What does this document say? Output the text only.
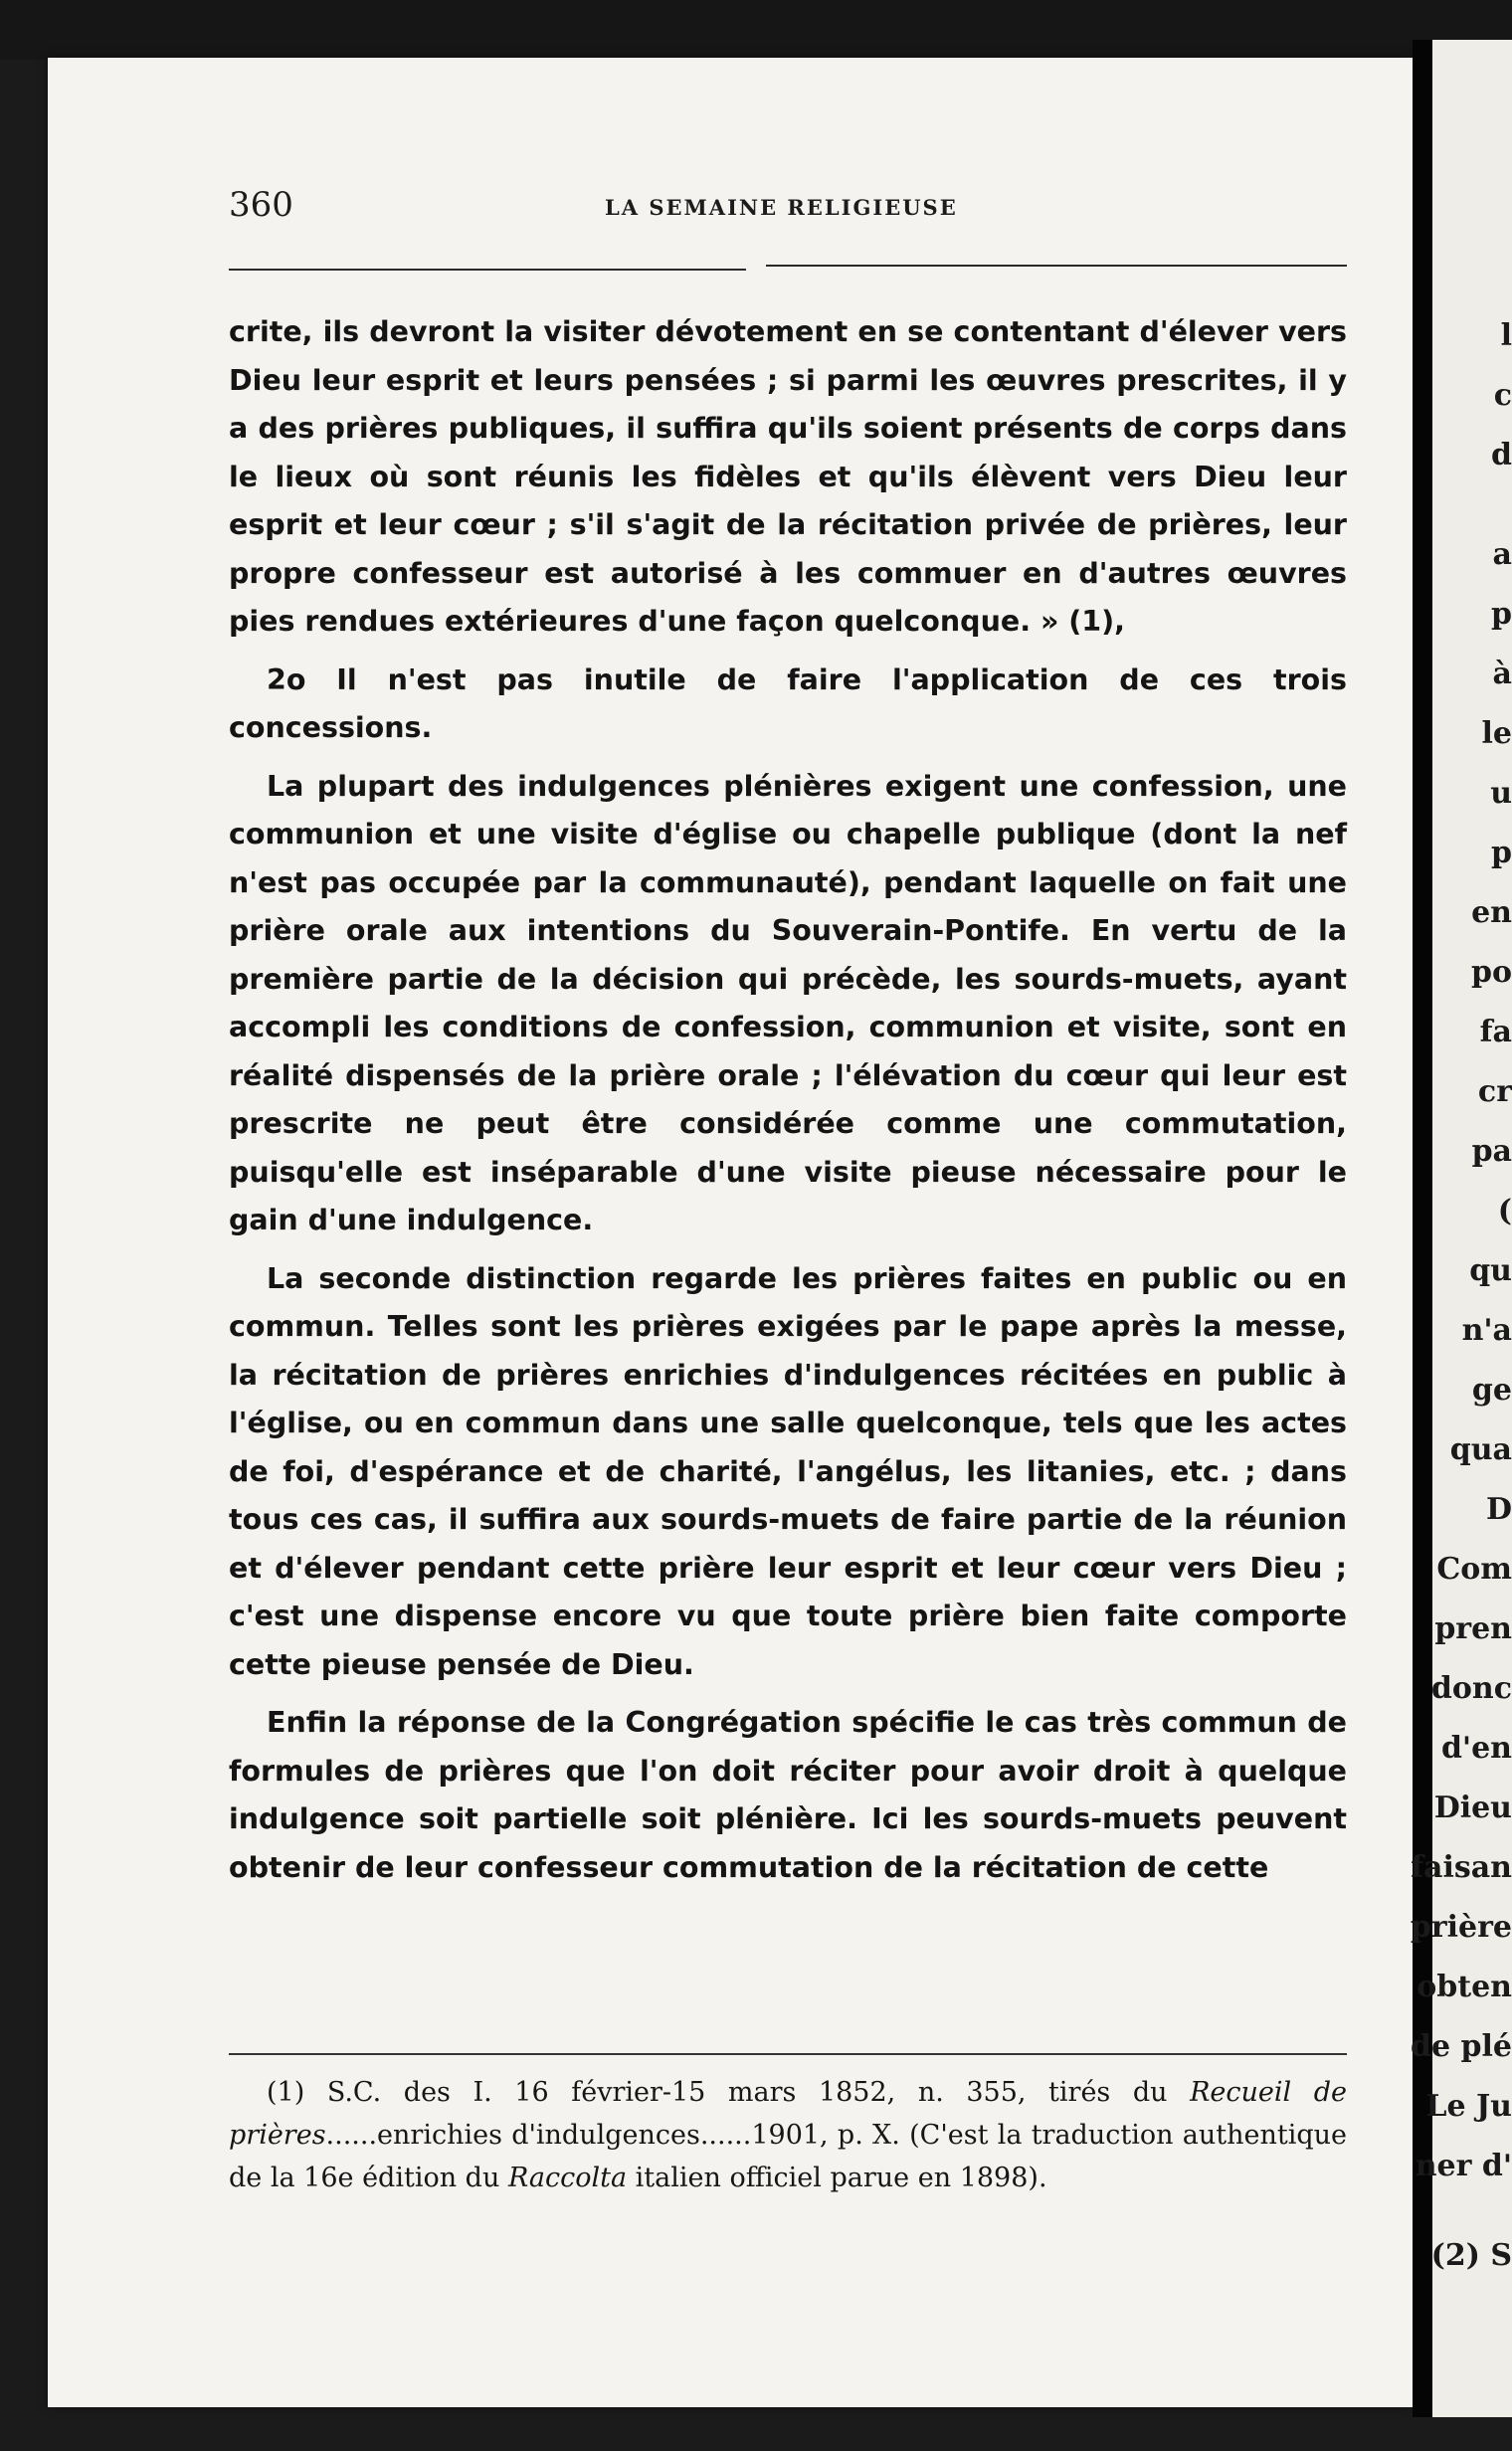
360	LA SEMAINE RELIGIEUSE

crite, ils devront la visiter dévotement en se contentant d'élever vers Dieu leur esprit et leurs pensées ; si parmi les œuvres prescrites, il y a des prières publiques, il suffira qu'ils soient présents de corps dans le lieux où sont réunis les fidèles et qu'ils élèvent vers Dieu leur esprit et leur cœur ; s'il s'agit de la récitation privée de prières, leur propre confesseur est autorisé à les commuer en d'autres œuvres pies rendues extérieures d'une façon quelconque. » (1),

2o Il n'est pas inutile de faire l'application de ces trois concessions.

La plupart des indulgences plénières exigent une confession, une communion et une visite d'église ou chapelle publique (dont la nef n'est pas occupée par la communauté), pendant laquelle on fait une prière orale aux intentions du Souverain-Pontife. En vertu de la première partie de la décision qui précède, les sourds-muets, ayant accompli les conditions de confession, communion et visite, sont en réalité dispensés de la prière orale ; l'élévation du cœur qui leur est prescrite ne peut être considérée comme une commutation, puisqu'elle est inséparable d'une visite pieuse nécessaire pour le gain d'une indulgence.

La seconde distinction regarde les prières faites en public ou en commun. Telles sont les prières exigées par le pape après la messe, la récitation de prières enrichies d'indulgences récitées en public à l'église, ou en commun dans une salle quelconque, tels que les actes de foi, d'espérance et de charité, l'angélus, les litanies, etc. ; dans tous ces cas, il suffira aux sourds-muets de faire partie de la réunion et d'élever pendant cette prière leur esprit et leur cœur vers Dieu ; c'est une dispense encore vu que toute prière bien faite comporte cette pieuse pensée de Dieu.

Enfin la réponse de la Congrégation spécifie le cas très commun de formules de prières que l'on doit réciter pour avoir droit à quelque indulgence soit partielle soit plénière. Ici les sourds-muets peuvent obtenir de leur confesseur commutation de la récitation de cette

(1) S.C. des I. 16 février-15 mars 1852, n. 355, tirés du Recueil de prières......enrichies d'indulgences......1901, p. X. (C'est la traduction authentique de la 16e édition du Raccolta italien officiel parue en 1898).
l
c
d
a
p
à
le
u
p
en
po
fa
cr
pa
(
qu
n'a
ge
qua
D
Com
pren
donc
d'en
Dieu
faisan
prière
obten
de plé
Le Ju
ner d'
(2) S
